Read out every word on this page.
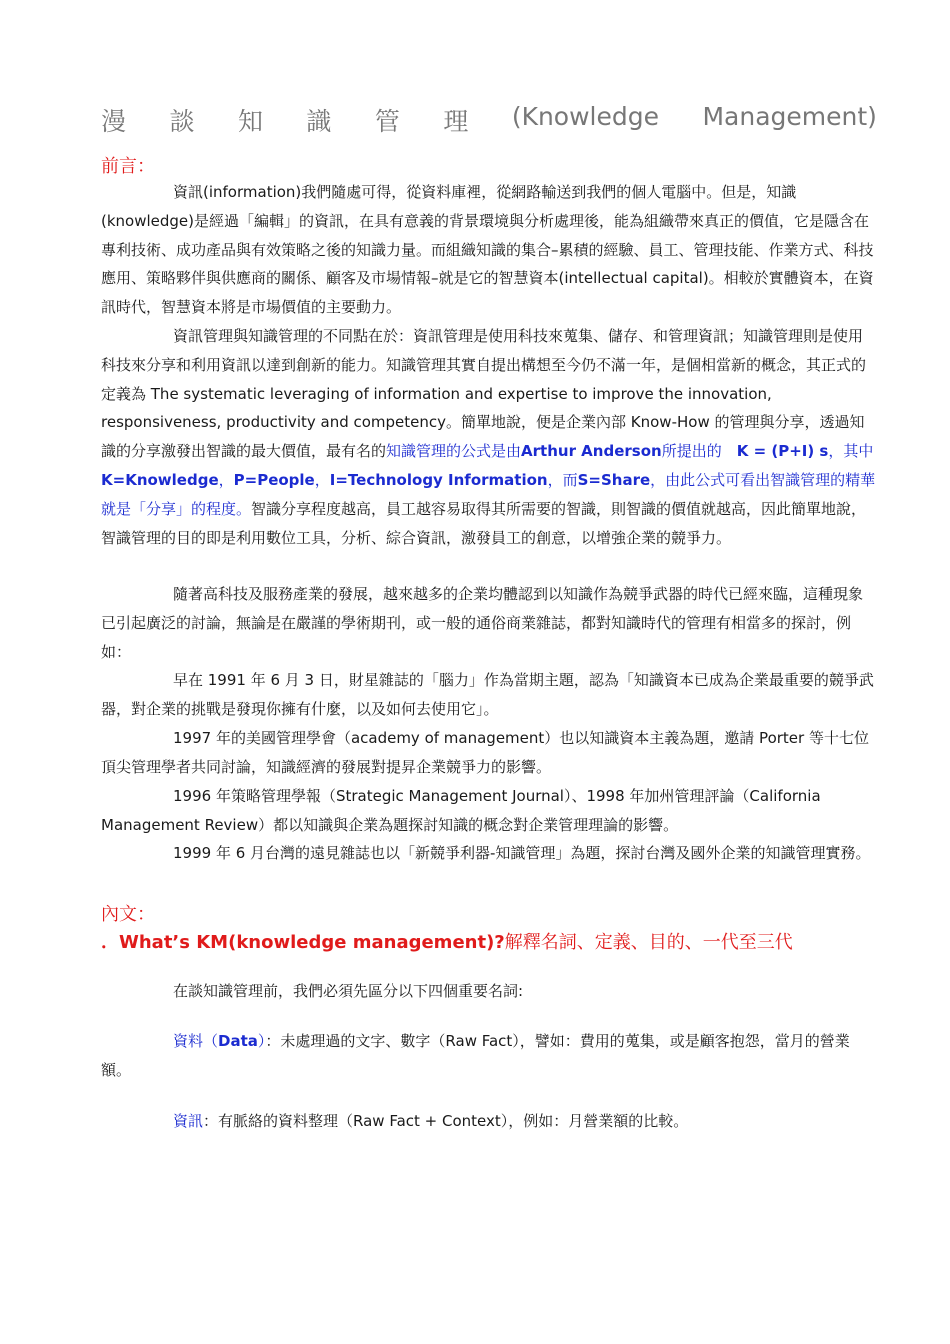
漫 談 知 識 管 理 (Knowledge Management)
前言：

資訊(information)我們隨處可得，從資料庫裡，從網路輸送到我們的個人電腦中。但是，知識(knowledge)是經過「編輯」的資訊，在具有意義的背景環境與分析處理後，能為組織帶來真正的價值，它是隱含在專利技術、成功產品與有效策略之後的知識力量。而組織知識的集合–累積的經驗、員工、管理技能、作業方式、科技應用、策略夥伴與供應商的關係、顧客及市場情報–就是它的智慧資本(intellectual capital)。相較於實體資本，在資訊時代，智慧資本將是市場價值的主要動力。

資訊管理與知識管理的不同點在於：資訊管理是使用科技來蒐集、儲存、和管理資訊；知識管理則是使用科技來分享和利用資訊以達到創新的能力。知識管理其實自提出構想至今仍不滿一年，是個相當新的概念，其正式的定義為 The systematic leveraging of information and expertise to improve the innovation, responsiveness, productivity and competency。簡單地說，便是企業內部 Know-How 的管理與分享，透過知識的分享激發出智識的最大價值，最有名的知識管理的公式是由Arthur Anderson所提出的　K = (P+I) s，其中K=Knowledge，P=People，I=Technology Information，而S=Share，由此公式可看出智識管理的精華就是「分享」的程度。智識分享程度越高，員工越容易取得其所需要的智識，則智識的價值就越高，因此簡單地說，智識管理的目的即是利用數位工具，分析、綜合資訊，激發員工的創意，以增強企業的競爭力。

隨著高科技及服務產業的發展，越來越多的企業均體認到以知識作為競爭武器的時代已經來臨，這種現象已引起廣泛的討論，無論是在嚴謹的學術期刊，或一般的通俗商業雜誌，都對知識時代的管理有相當多的探討，例如：

早在 1991 年 6 月 3 日，財星雜誌的「腦力」作為當期主題，認為「知識資本已成為企業最重要的競爭武器，對企業的挑戰是發現你擁有什麼，以及如何去使用它」。

1997 年的美國管理學會（academy of management）也以知識資本主義為題，邀請 Porter 等十七位頂尖管理學者共同討論，知識經濟的發展對提昇企業競爭力的影響。

1996 年策略管理學報（Strategic Management Journal）、1998 年加州管理評論（California Management Review）都以知識與企業為題探討知識的概念對企業管理理論的影響。

1999 年 6 月台灣的遠見雜誌也以「新競爭利器-知識管理」為題，探討台灣及國外企業的知識管理實務。

內文：
．What’s KM(knowledge management)?解釋名詞、定義、目的、一代至三代

在談知識管理前，我們必須先區分以下四個重要名詞:

資料（Data）：未處理過的文字、數字（Raw Fact），譬如：費用的蒐集，或是顧客抱怨，當月的營業額。

資訊：有脈絡的資料整理（Raw Fact + Context），例如：月營業額的比較。
